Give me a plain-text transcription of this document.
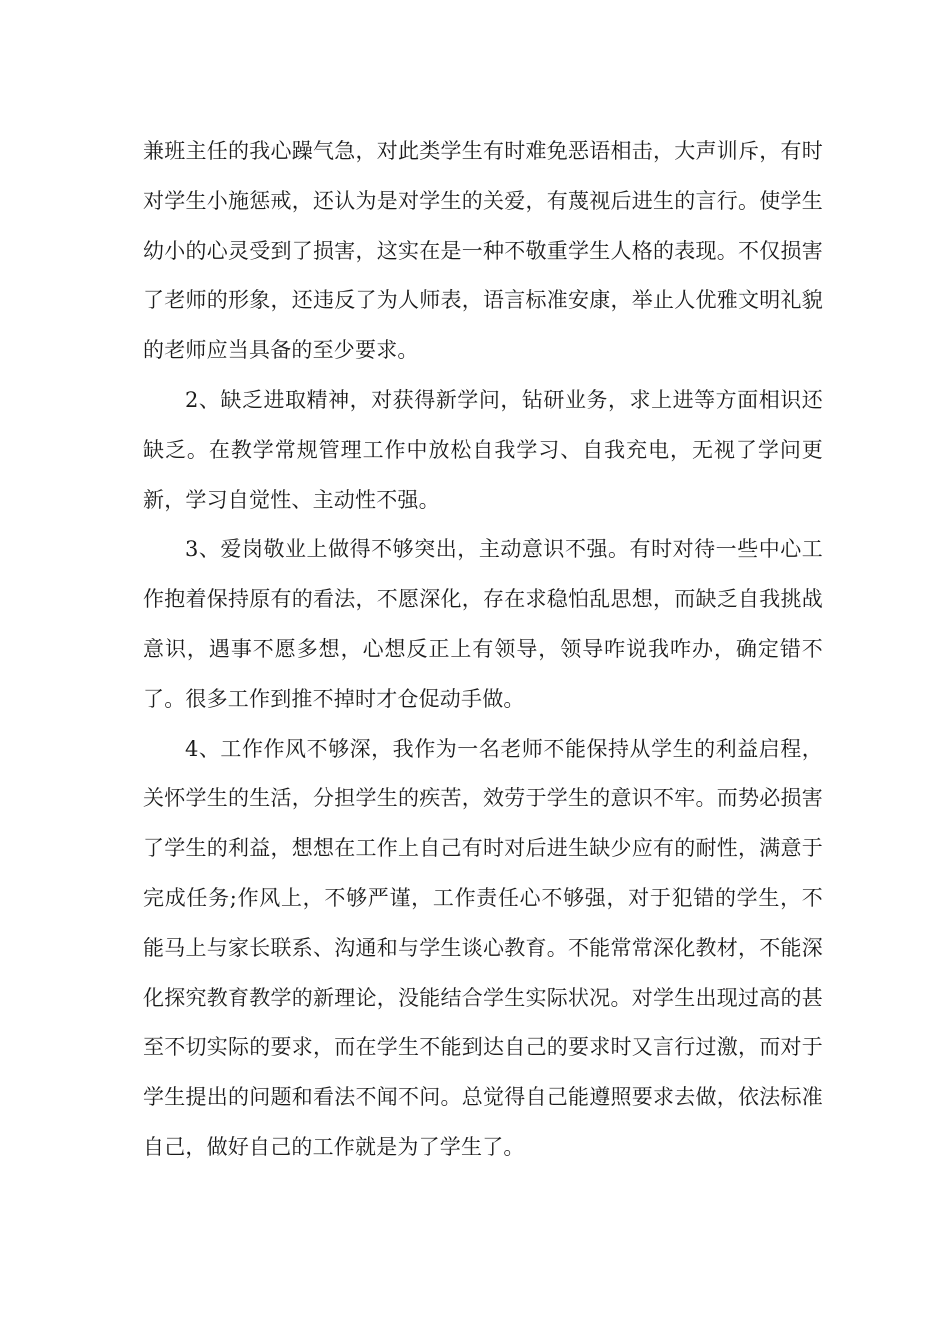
兼班主任的我心躁气急，对此类学生有时难免恶语相击，大声训斥，有时对学生小施惩戒，还认为是对学生的关爱，有蔑视后进生的言行。使学生幼小的心灵受到了损害，这实在是一种不敬重学生人格的表现。不仅损害了老师的形象，还违反了为人师表，语言标准安康，举止人优雅文明礼貌的老师应当具备的至少要求。

2、缺乏进取精神，对获得新学问，钻研业务，求上进等方面相识还缺乏。在教学常规管理工作中放松自我学习、自我充电，无视了学问更新，学习自觉性、主动性不强。

3、爱岗敬业上做得不够突出，主动意识不强。有时对待一些中心工作抱着保持原有的看法，不愿深化，存在求稳怕乱思想，而缺乏自我挑战意识，遇事不愿多想，心想反正上有领导，领导咋说我咋办，确定错不了。很多工作到推不掉时才仓促动手做。

4、工作作风不够深，我作为一名老师不能保持从学生的利益启程，关怀学生的生活，分担学生的疾苦，效劳于学生的意识不牢。而势必损害了学生的利益，想想在工作上自己有时对后进生缺少应有的耐性，满意于完成任务;作风上，不够严谨，工作责任心不够强，对于犯错的学生，不能马上与家长联系、沟通和与学生谈心教育。不能常常深化教材，不能深化探究教育教学的新理论，没能结合学生实际状况。对学生出现过高的甚至不切实际的要求，而在学生不能到达自己的要求时又言行过激，而对于学生提出的问题和看法不闻不问。总觉得自己能遵照要求去做，依法标准自己，做好自己的工作就是为了学生了。
